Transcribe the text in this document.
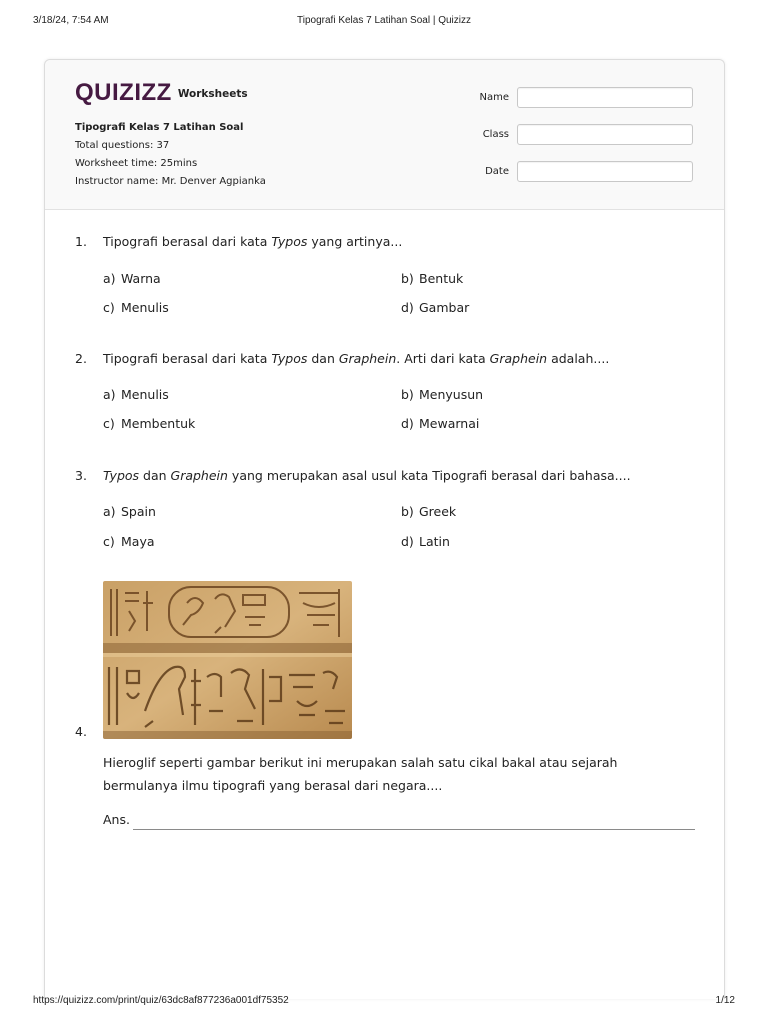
3/18/24, 7:54 AM	Tipografi Kelas 7 Latihan Soal | Quizizz
QUIZIZZ Worksheets
Tipografi Kelas 7 Latihan Soal
Total questions: 37
Worksheet time: 25mins
Instructor name: Mr. Denver Agpianka
Name
Class
Date
1. Tipografi berasal dari kata Typos yang artinya...
a) Warna	b) Bentuk
c) Menulis	d) Gambar
2. Tipografi berasal dari kata Typos dan Graphein. Arti dari kata Graphein adalah....
a) Menulis	b) Menyusun
c) Membentuk	d) Mewarnai
3. Typos dan Graphein yang merupakan asal usul kata Tipografi berasal dari bahasa....
a) Spain	b) Greek
c) Maya	d) Latin
4.
Hieroglif seperti gambar berikut ini merupakan salah satu cikal bakal atau sejarah bermulanya ilmu tipografi yang berasal dari negara....
Ans.
https://quizizz.com/print/quiz/63dc8af877236a001df75352	1/12
